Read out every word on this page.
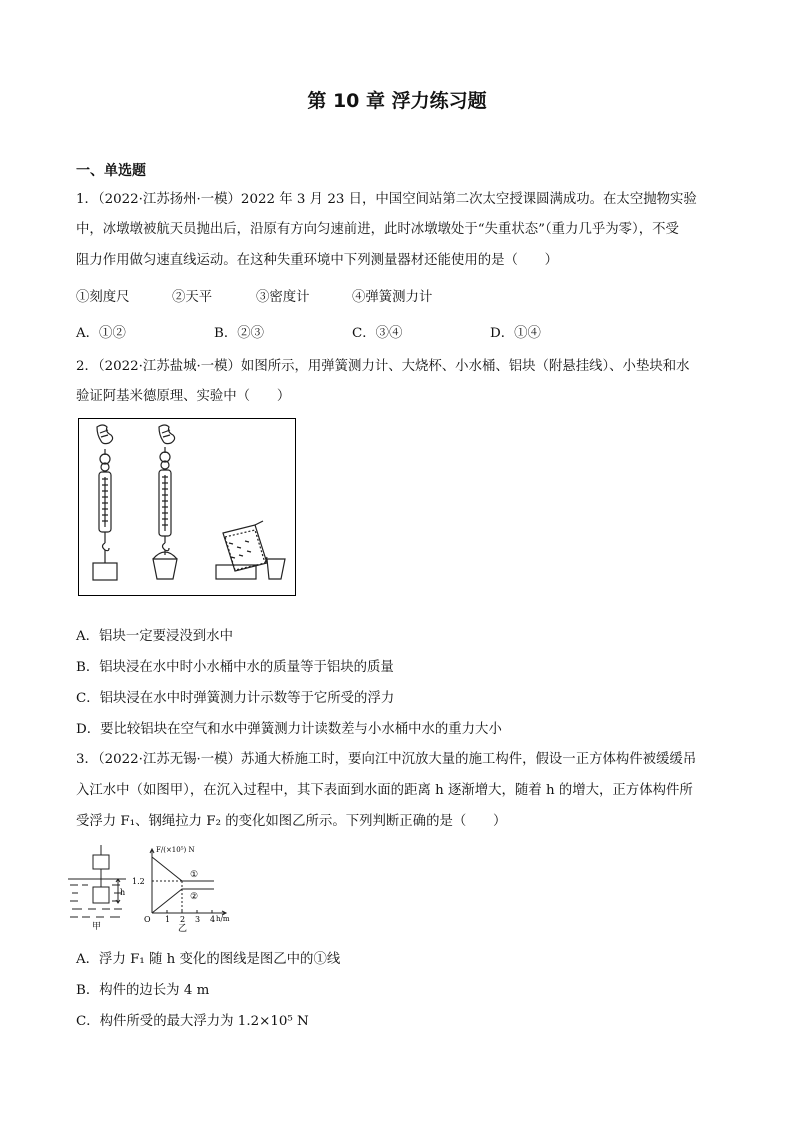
第 10 章 浮力练习题
一、单选题
1．（2022·江苏扬州·一模）2022 年 3 月 23 日，中国空间站第二次太空授课圆满成功。在太空抛物实验
中，冰墩墩被航天员抛出后，沿原有方向匀速前进，此时冰墩墩处于“失重状态”（重力几乎为零），不受
阻力作用做匀速直线运动。在这种失重环境中下列测量器材还能使用的是（　　）
①刻度尺	②天平	③密度计	④弹簧测力计
A．①②	B．②③	C．③④	D．①④
2．（2022·江苏盐城·一模）如图所示，用弹簧测力计、大烧杯、小水桶、铝块（附悬挂线）、小垫块和水
验证阿基米德原理、实验中（　　）
A．铝块一定要浸没到水中
B．铝块浸在水中时小水桶中水的质量等于铝块的质量
C．铝块浸在水中时弹簧测力计示数等于它所受的浮力
D．要比较铝块在空气和水中弹簧测力计读数差与小水桶中水的重力大小
3．（2022·江苏无锡·一模）苏通大桥施工时，要向江中沉放大量的施工构件，假设一正方体构件被缓缓吊
入江水中（如图甲），在沉入过程中，其下表面到水面的距离 h 逐渐增大，随着 h 的增大，正方体构件所
受浮力 F₁、钢绳拉力 F₂ 的变化如图乙所示。下列判断正确的是（　　）
h
甲
F/(×10⁵) N
1.2
O 1 2 3 4 h/m
①
②
乙
A．浮力 F₁ 随 h 变化的图线是图乙中的①线
B．构件的边长为 4 m
C．构件所受的最大浮力为 1.2×10⁵ N
